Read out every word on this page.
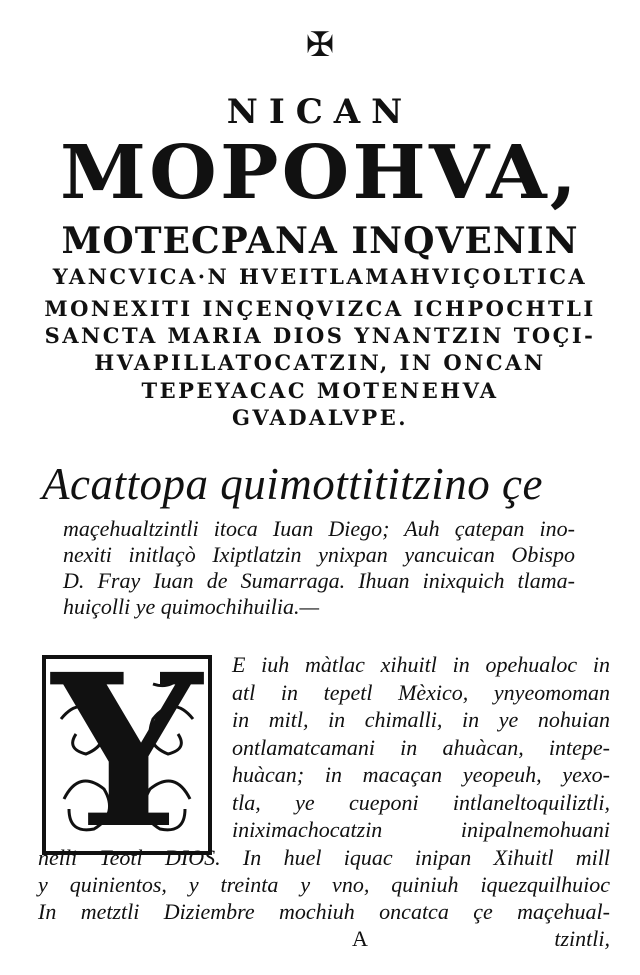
✠
NICAN
MOPOHVA,
MOTECPANA INQVENIN
YANCVICA·N HVEITLAMAHVIÇOLTICA
MONEXITI INÇENQVIZCA ICHPOCHTLI
SANCTA MARIA DIOS YNANTZIN TOÇI-
HVAPILLATOCATZIN, IN ONCAN
TEPEYACAC MOTENEHVA
GVADALVPE.
Acattopa quimottititzino çe
maçehualtzintli itoca Iuan Diego; Auh çatepan ino-
nexiti initlaçò Ixiptlatzin ynixpan yancuican Obispo
D. Fray Iuan de Sumarraga. Ihuan inixquich tlama-
huiçolli ye quimochihuilia.—
Y E iuh màtlac xihuitl in opehualoc in
atl in tepetl Mèxico, ynyeomoman
in mitl, in chimalli, in ye nohuian
ontlamatcamani in ahuàcan, intepe-
huàcan; in macaçan yeopeuh, yexo-
tla, ye cueponi intlaneltoquiliztli,
iniximachocatzin inipalnemohuani
nelli Teotl DIOS. In huel iquac inipan Xihuitl mill
y quinientos, y treinta y vno, quiniuh iquezquilhuioc
In metztli Diziembre mochiuh oncatca çe maçehual-
A	tzintli,
